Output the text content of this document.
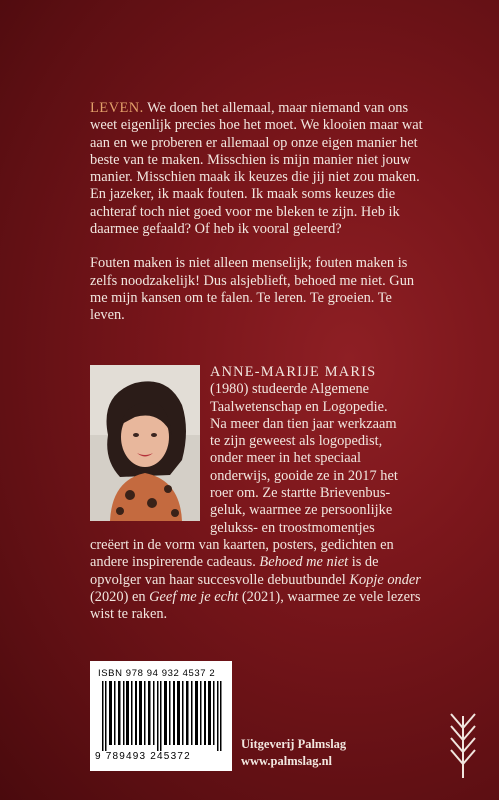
LEVEN. We doen het allemaal, maar niemand van ons weet eigenlijk precies hoe het moet. We klooien maar wat aan en we proberen er allemaal op onze eigen manier het beste van te maken. Misschien is mijn manier niet jouw manier. Misschien maak ik keuzes die jij niet zou maken. En jazeker, ik maak fouten. Ik maak soms keuzes die achteraf toch niet goed voor me bleken te zijn. Heb ik daarmee gefaald? Of heb ik vooral geleerd?

Fouten maken is niet alleen menselijk; fouten maken is zelfs noodzakelijk! Dus alsjeblieft, behoed me niet. Gun me mijn kansen om te falen. Te leren. Te groeien. Te leven.

ANNE-MARIJE MARIS
(1980) studeerde Algemene
Taalwetenschap en Logopedie.
Na meer dan tien jaar werkzaam
te zijn geweest als logopedist,
onder meer in het speciaal
onderwijs, gooide ze in 2017 het
roer om. Ze startte Brievenbus-
geluk, waarmee ze persoonlijke
gelukss- en troostmomentjes
creëert in de vorm van kaarten, posters, gedichten en andere inspirerende cadeaus. Behoed me niet is de opvolger van haar succesvolle debuutbundel Kopje onder (2020) en Geef me je echt (2021), waarmee ze vele lezers wist te raken.
ISBN 978 94 932 4537 2
9 789493 245372
Uitgeverij Palmslag
www.palmslag.nl
